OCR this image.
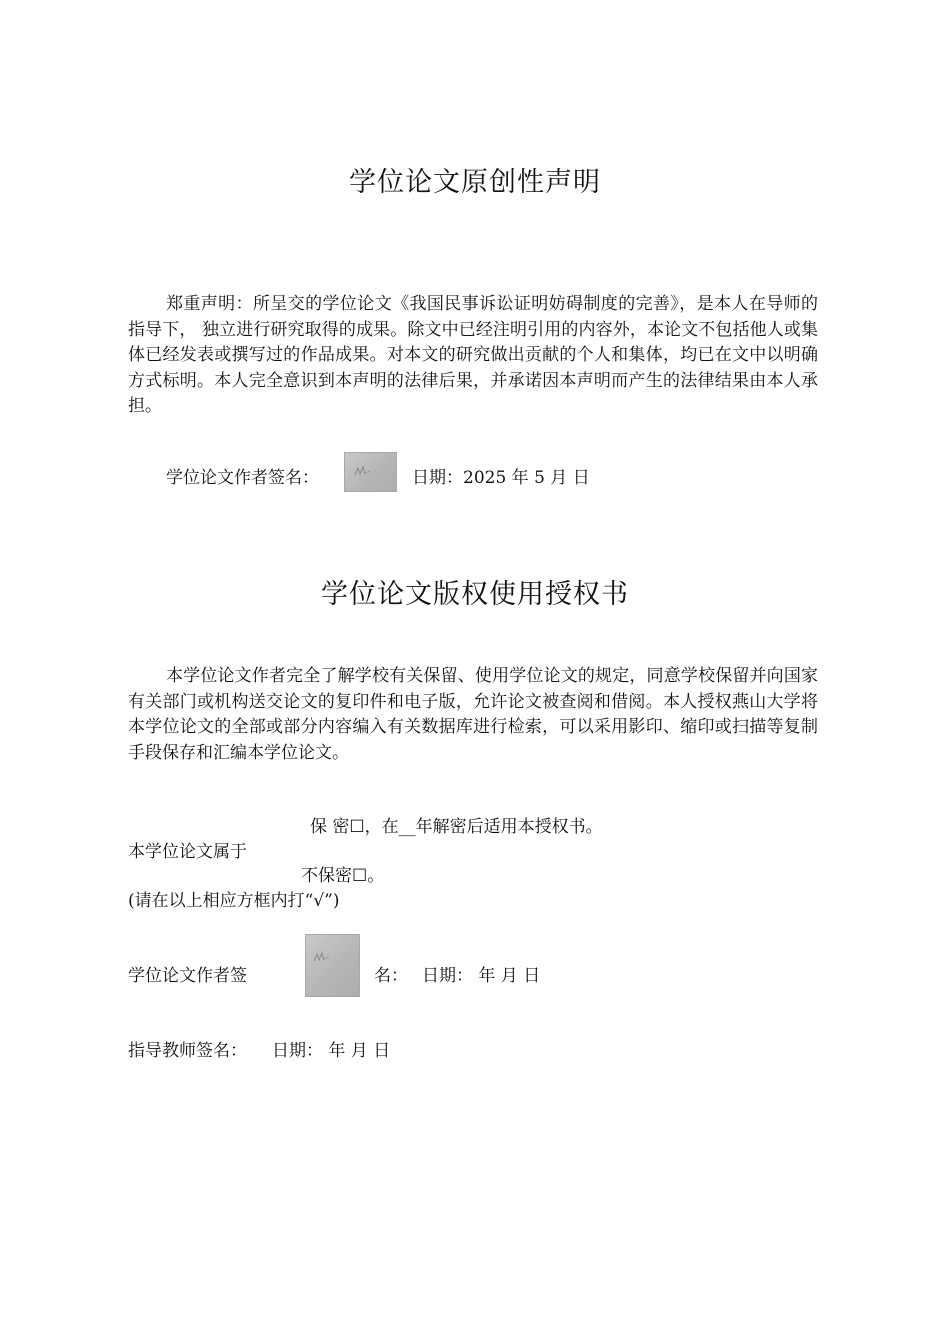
学位论文原创性声明

郑重声明：所呈交的学位论文《我国民事诉讼证明妨碍制度的完善》，是本人在导师的指导下， 独立进行研究取得的成果。除文中已经注明引用的内容外，本论文不包括他人或集 体已经发表或撰写过的作品成果。对本文的研究做出贡献的个人和集体，均已在文中以明确方式标明。本人完全意识到本声明的法律后果，并承诺因本声明而产生的法律结果由本人承担。

学位论文作者签名：	日期：2025 年 5 月 日
学位论文版权使用授权书

本学位论文作者完全了解学校有关保留、使用学位论文的规定，同意学校保留并向国家有关部门或机构送交论文的复印件和电子版，允许论文被查阅和借阅。本人授权燕山大学将本学位论文的全部或部分内容编入有关数据库进行检索，可以采用影印、缩印或扫描等复制手段保存和汇编本学位论文。

保 密☐，在__年解密后适用本授权书。
本学位论文属于
不保密☐。
(请在以上相应方框内打“√”)
学位论文作者签	名： 日期： 年 月 日
指导教师签名： 日期： 年 月 日
